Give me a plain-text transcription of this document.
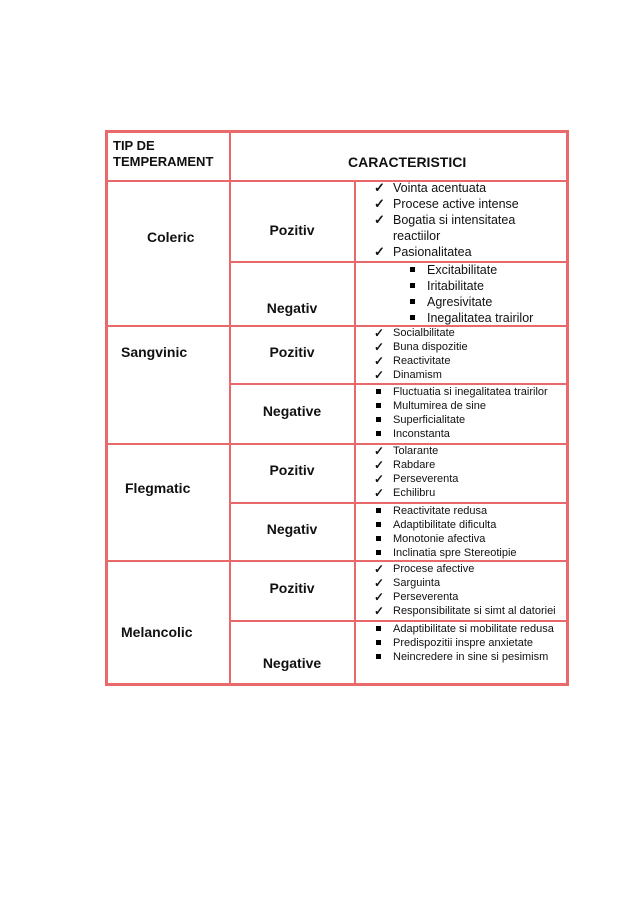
TIP DE
TEMPERAMENT	CARACTERISTICI
Coleric
Sangvinic
Flegmatic
Melancolic
Pozitiv
Negativ
Pozitiv
Negative
Pozitiv
Negativ
Pozitiv
Negative
✓ Vointa acentuata
✓ Procese active intense
✓ Bogatia si intensitatea
reactiilor
✓ Pasionalitatea
Excitabilitate
Iritabilitate
Agresivitate
Inegalitatea trairilor
✓ Socialbilitate
✓ Buna dispozitie
✓ Reactivitate
✓ Dinamism
Fluctuatia si inegalitatea trairilor
Multumirea de sine
Superficialitate
Inconstanta
✓ Tolarante
✓ Rabdare
✓ Perseverenta
✓ Echilibru
Reactivitate redusa
Adaptibilitate dificulta
Monotonie afectiva
Inclinatia spre Stereotipie
✓ Procese afective
✓ Sarguinta
✓ Perseverenta
✓ Responsibilitate si simt al datoriei
Adaptibilitate si mobilitate redusa
Predispozitii inspre anxietate
Neincredere in sine si pesimism
